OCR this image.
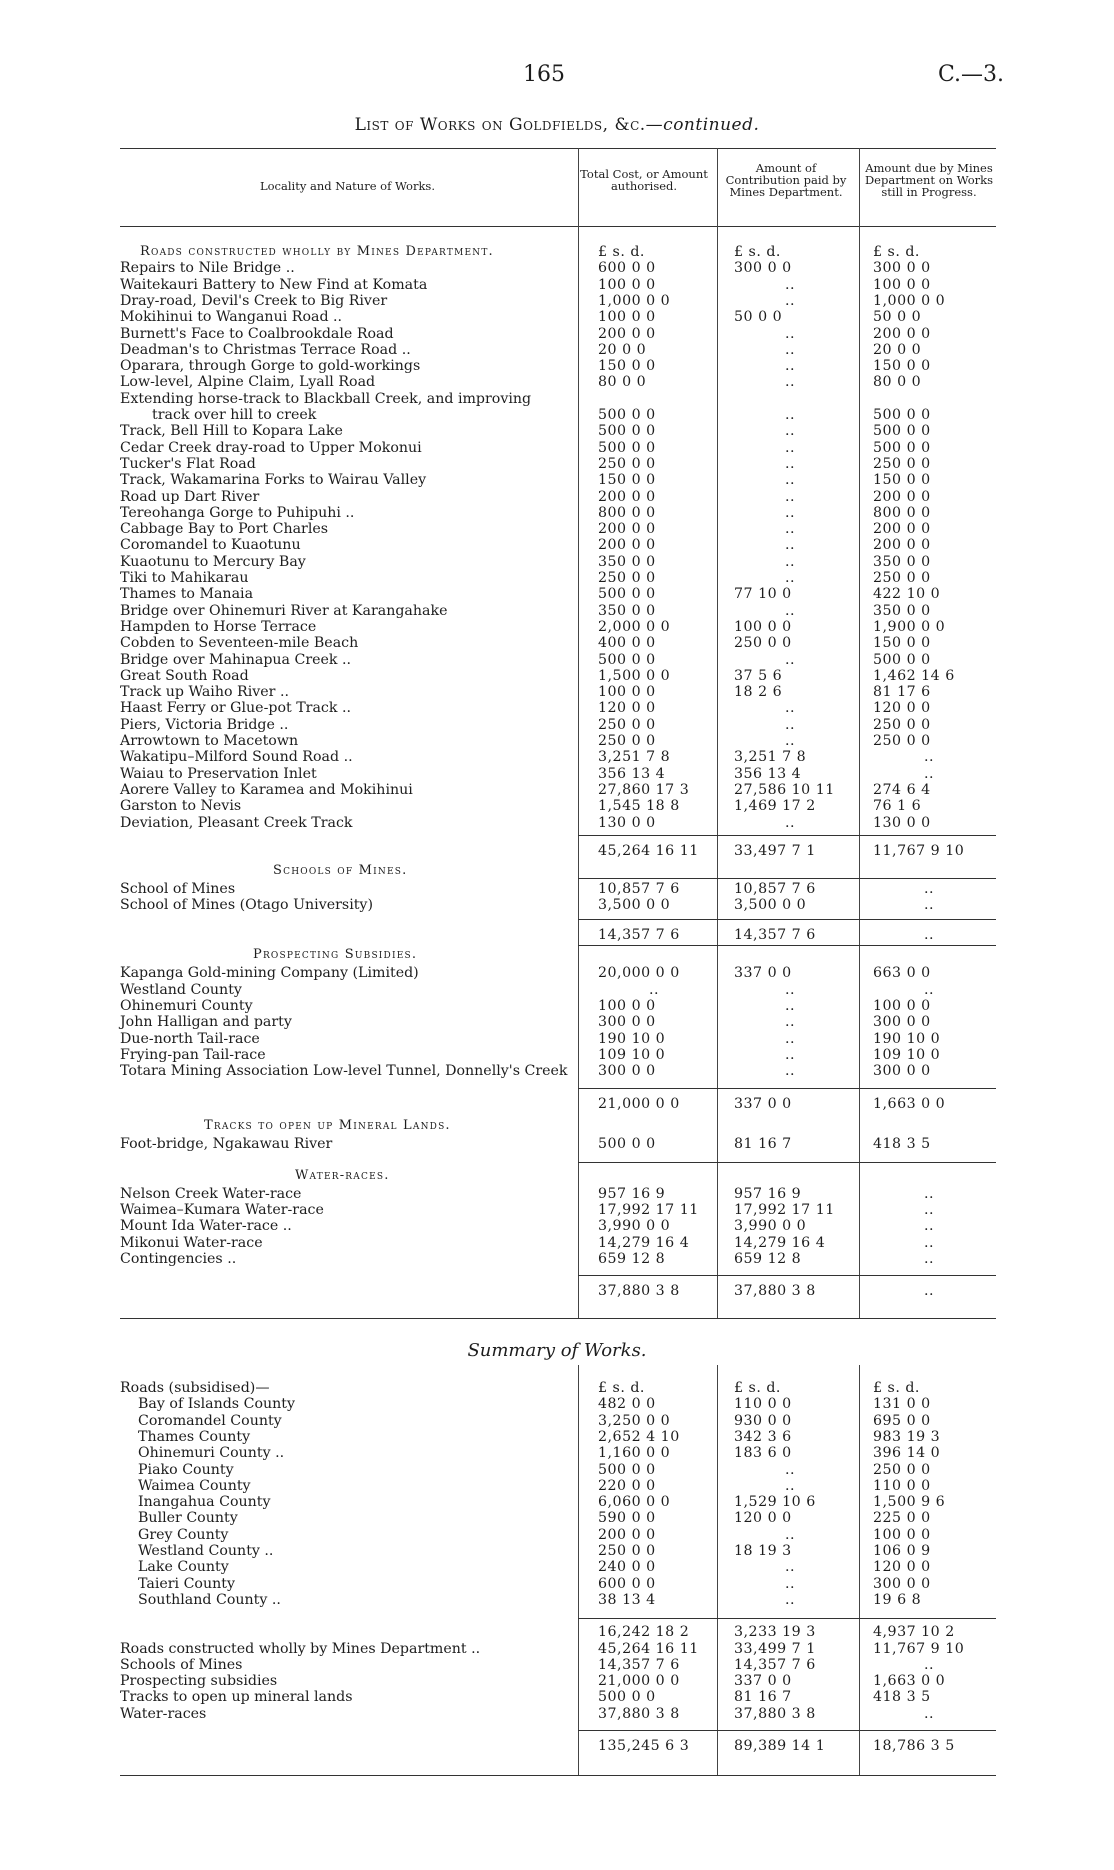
165	C.—3.
List of Works on Goldfields, &c.—continued.
Locality and Nature of Works.
Total Cost, or Amount authorised.
Amount of Contribution paid by Mines Department.
Amount due by Mines Department on Works still in Progress.
Roads constructed wholly by Mines Department.	£ s. d.	£ s. d.	£ s. d.
Repairs to Nile Bridge ..	600 0 0	300 0 0	300 0 0
Waitekauri Battery to New Find at Komata	100 0 0	..	100 0 0
Dray-road, Devil's Creek to Big River	1,000 0 0	..	1,000 0 0
Mokihinui to Wanganui Road ..	100 0 0	50 0 0	50 0 0
Burnett's Face to Coalbrookdale Road	200 0 0	..	200 0 0
Deadman's to Christmas Terrace Road ..	20 0 0	..	20 0 0
Oparara, through Gorge to gold-workings	150 0 0	..	150 0 0
Low-level, Alpine Claim, Lyall Road	80 0 0	..	80 0 0
Extending horse-track to Blackball Creek, and improving
track over hill to creek	500 0 0	..	500 0 0
Track, Bell Hill to Kopara Lake	500 0 0	..	500 0 0
Cedar Creek dray-road to Upper Mokonui	500 0 0	..	500 0 0
Tucker's Flat Road	250 0 0	..	250 0 0
Track, Wakamarina Forks to Wairau Valley	150 0 0	..	150 0 0
Road up Dart River	200 0 0	..	200 0 0
Tereohanga Gorge to Puhipuhi ..	800 0 0	..	800 0 0
Cabbage Bay to Port Charles	200 0 0	..	200 0 0
Coromandel to Kuaotunu	200 0 0	..	200 0 0
Kuaotunu to Mercury Bay	350 0 0	..	350 0 0
Tiki to Mahikarau	250 0 0	..	250 0 0
Thames to Manaia	500 0 0	77 10 0	422 10 0
Bridge over Ohinemuri River at Karangahake	350 0 0	..	350 0 0
Hampden to Horse Terrace	2,000 0 0	100 0 0	1,900 0 0
Cobden to Seventeen-mile Beach	400 0 0	250 0 0	150 0 0
Bridge over Mahinapua Creek ..	500 0 0	..	500 0 0
Great South Road	1,500 0 0	37 5 6	1,462 14 6
Track up Waiho River ..	100 0 0	18 2 6	81 17 6
Haast Ferry or Glue-pot Track ..	120 0 0	..	120 0 0
Piers, Victoria Bridge ..	250 0 0	..	250 0 0
Arrowtown to Macetown	250 0 0	..	250 0 0
Wakatipu–Milford Sound Road ..	3,251 7 8	3,251 7 8	..
Waiau to Preservation Inlet	356 13 4	356 13 4	..
Aorere Valley to Karamea and Mokihinui	27,860 17 3	27,586 10 11	274 6 4
Garston to Nevis	1,545 18 8	1,469 17 2	76 1 6
Deviation, Pleasant Creek Track	130 0 0	..	130 0 0
45,264 16 11	33,497 7 1	11,767 9 10
Schools of Mines.
School of Mines	10,857 7 6	10,857 7 6	..
School of Mines (Otago University)	3,500 0 0	3,500 0 0	..
14,357 7 6	14,357 7 6	..
Prospecting Subsidies.
Kapanga Gold-mining Company (Limited)	20,000 0 0	337 0 0	663 0 0
Westland County	..	..	..
Ohinemuri County	100 0 0	..	100 0 0
John Halligan and party	300 0 0	..	300 0 0
Due-north Tail-race	190 10 0	..	190 10 0
Frying-pan Tail-race	109 10 0	..	109 10 0
Totara Mining Association Low-level Tunnel, Donnelly's Creek	300 0 0	..	300 0 0
21,000 0 0	337 0 0	1,663 0 0
Tracks to open up Mineral Lands.
Foot-bridge, Ngakawau River	500 0 0	81 16 7	418 3 5
Water-races.
Nelson Creek Water-race	957 16 9	957 16 9	..
Waimea–Kumara Water-race	17,992 17 11	17,992 17 11	..
Mount Ida Water-race ..	3,990 0 0	3,990 0 0	..
Mikonui Water-race	14,279 16 4	14,279 16 4	..
Contingencies ..	659 12 8	659 12 8	..
37,880 3 8	37,880 3 8	..
Roads (subsidised)—	£ s. d.	£ s. d.	£ s. d.
Bay of Islands County	482 0 0	110 0 0	131 0 0
Coromandel County	3,250 0 0	930 0 0	695 0 0
Thames County	2,652 4 10	342 3 6	983 19 3
Ohinemuri County ..	1,160 0 0	183 6 0	396 14 0
Piako County	500 0 0	..	250 0 0
Waimea County	220 0 0	..	110 0 0
Inangahua County	6,060 0 0	1,529 10 6	1,500 9 6
Buller County	590 0 0	120 0 0	225 0 0
Grey County	200 0 0	..	100 0 0
Westland County ..	250 0 0	18 19 3	106 0 9
Lake County	240 0 0	..	120 0 0
Taieri County	600 0 0	..	300 0 0
Southland County ..	38 13 4	..	19 6 8
16,242 18 2	3,233 19 3	4,937 10 2
Roads constructed wholly by Mines Department ..	45,264 16 11	33,499 7 1	11,767 9 10
Schools of Mines	14,357 7 6	14,357 7 6	..
Prospecting subsidies	21,000 0 0	337 0 0	1,663 0 0
Tracks to open up mineral lands	500 0 0	81 16 7	418 3 5
Water-races	37,880 3 8	37,880 3 8	..
135,245 6 3	89,389 14 1	18,786 3 5
Summary of Works.
